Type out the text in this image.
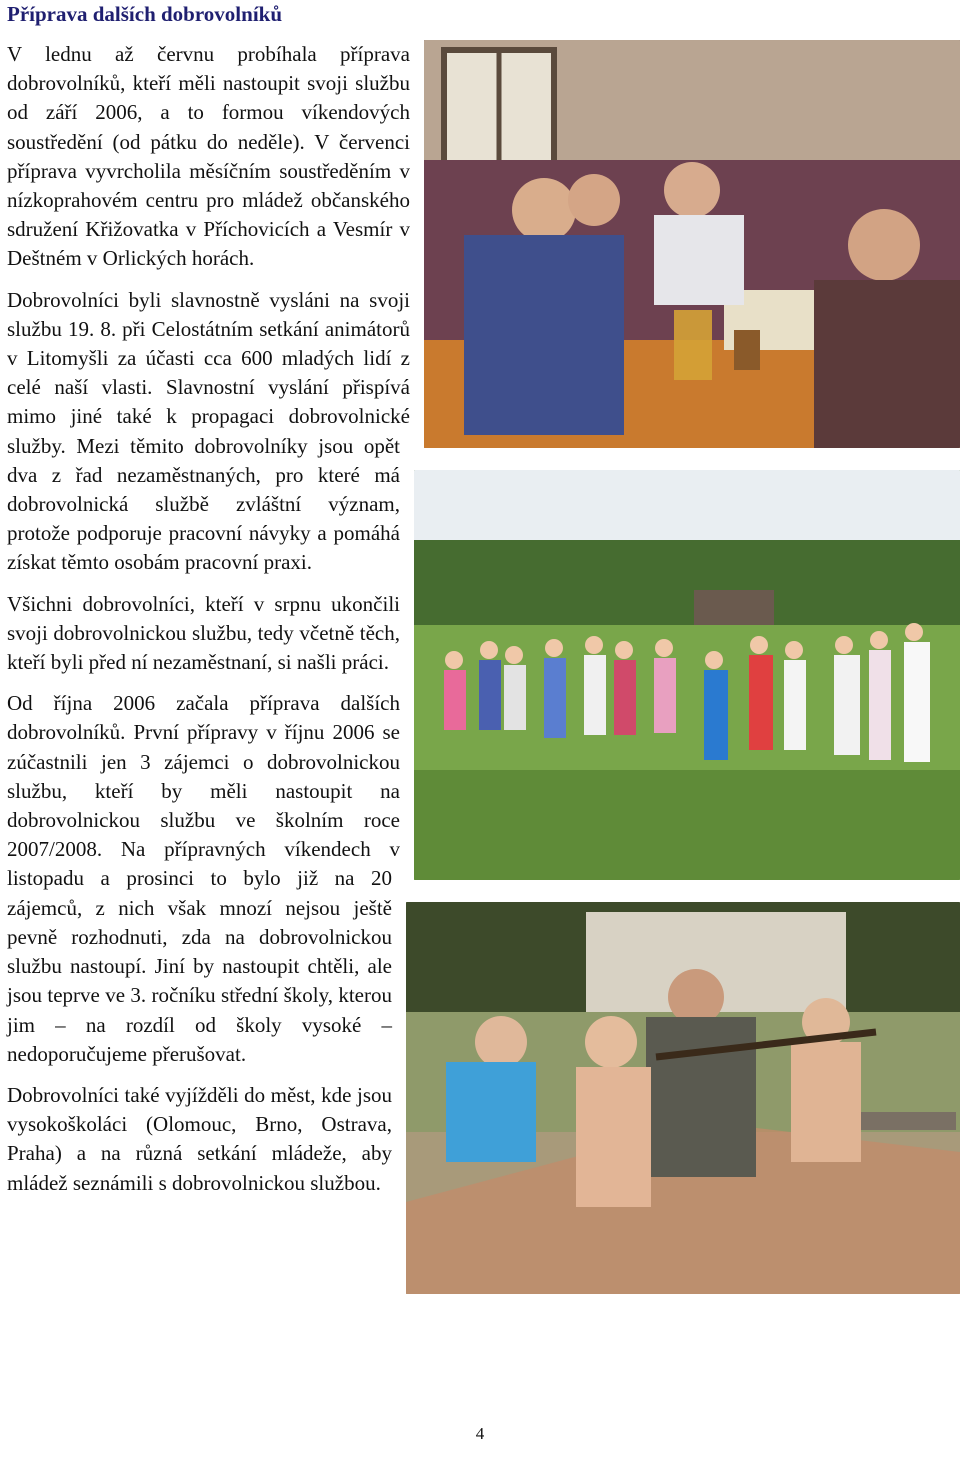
Příprava dalších dobrovolníků

V lednu až červnu probíhala příprava dobrovolníků, kteří měli nastoupit svoji službu od září 2006, a to formou víkendových soustředění (od pátku do neděle). V červenci příprava vyvrcholila měsíčním soustředěním v nízkoprahovém centru pro mládež občanského sdružení Křižovatka v Příchovicích a Vesmír v Deštném v Orlických horách.

Dobrovolníci byli slavnostně vysláni na svoji službu 19. 8. při Celostátním setkání animátorů v Litomyšli za účasti cca 600 mladých lidí z celé naší vlasti. Slavnostní vyslání přispívá mimo jiné také k propagaci dobrovolnické služby. Mezi těmito dobrovolníky jsou opět dva z řad nezaměstnaných, pro které má dobrovolnická službě zvláštní význam, protože podporuje pracovní návyky a pomáhá získat těmto osobám pracovní praxi.

Všichni dobrovolníci, kteří v srpnu ukončili svoji dobrovolnickou službu, tedy včetně těch, kteří byli před ní nezaměstnaní, si našli práci.

Od října 2006 začala příprava dalších dobrovolníků. První přípravy v říjnu 2006 se zúčastnili jen 3 zájemci o dobrovolnickou službu, kteří by měli nastoupit na dobrovolnickou službu ve školním roce 2007/2008. Na přípravných víkendech v listopadu a prosinci to bylo již na 20 zájemců, z nich však mnozí nejsou ještě pevně rozhodnuti, zda na dobrovolnickou službu nastoupí. Jiní by nastoupit chtěli, ale jsou teprve ve 3. ročníku střední školy, kterou jim – na rozdíl od školy vysoké – nedoporučujeme přerušovat.

Dobrovolníci také vyjížděli do měst, kde jsou vysokoškoláci (Olomouc, Brno, Ostrava, Praha) a na různá setkání mládeže, aby mládež seznámili s dobrovolnickou službou.

4
